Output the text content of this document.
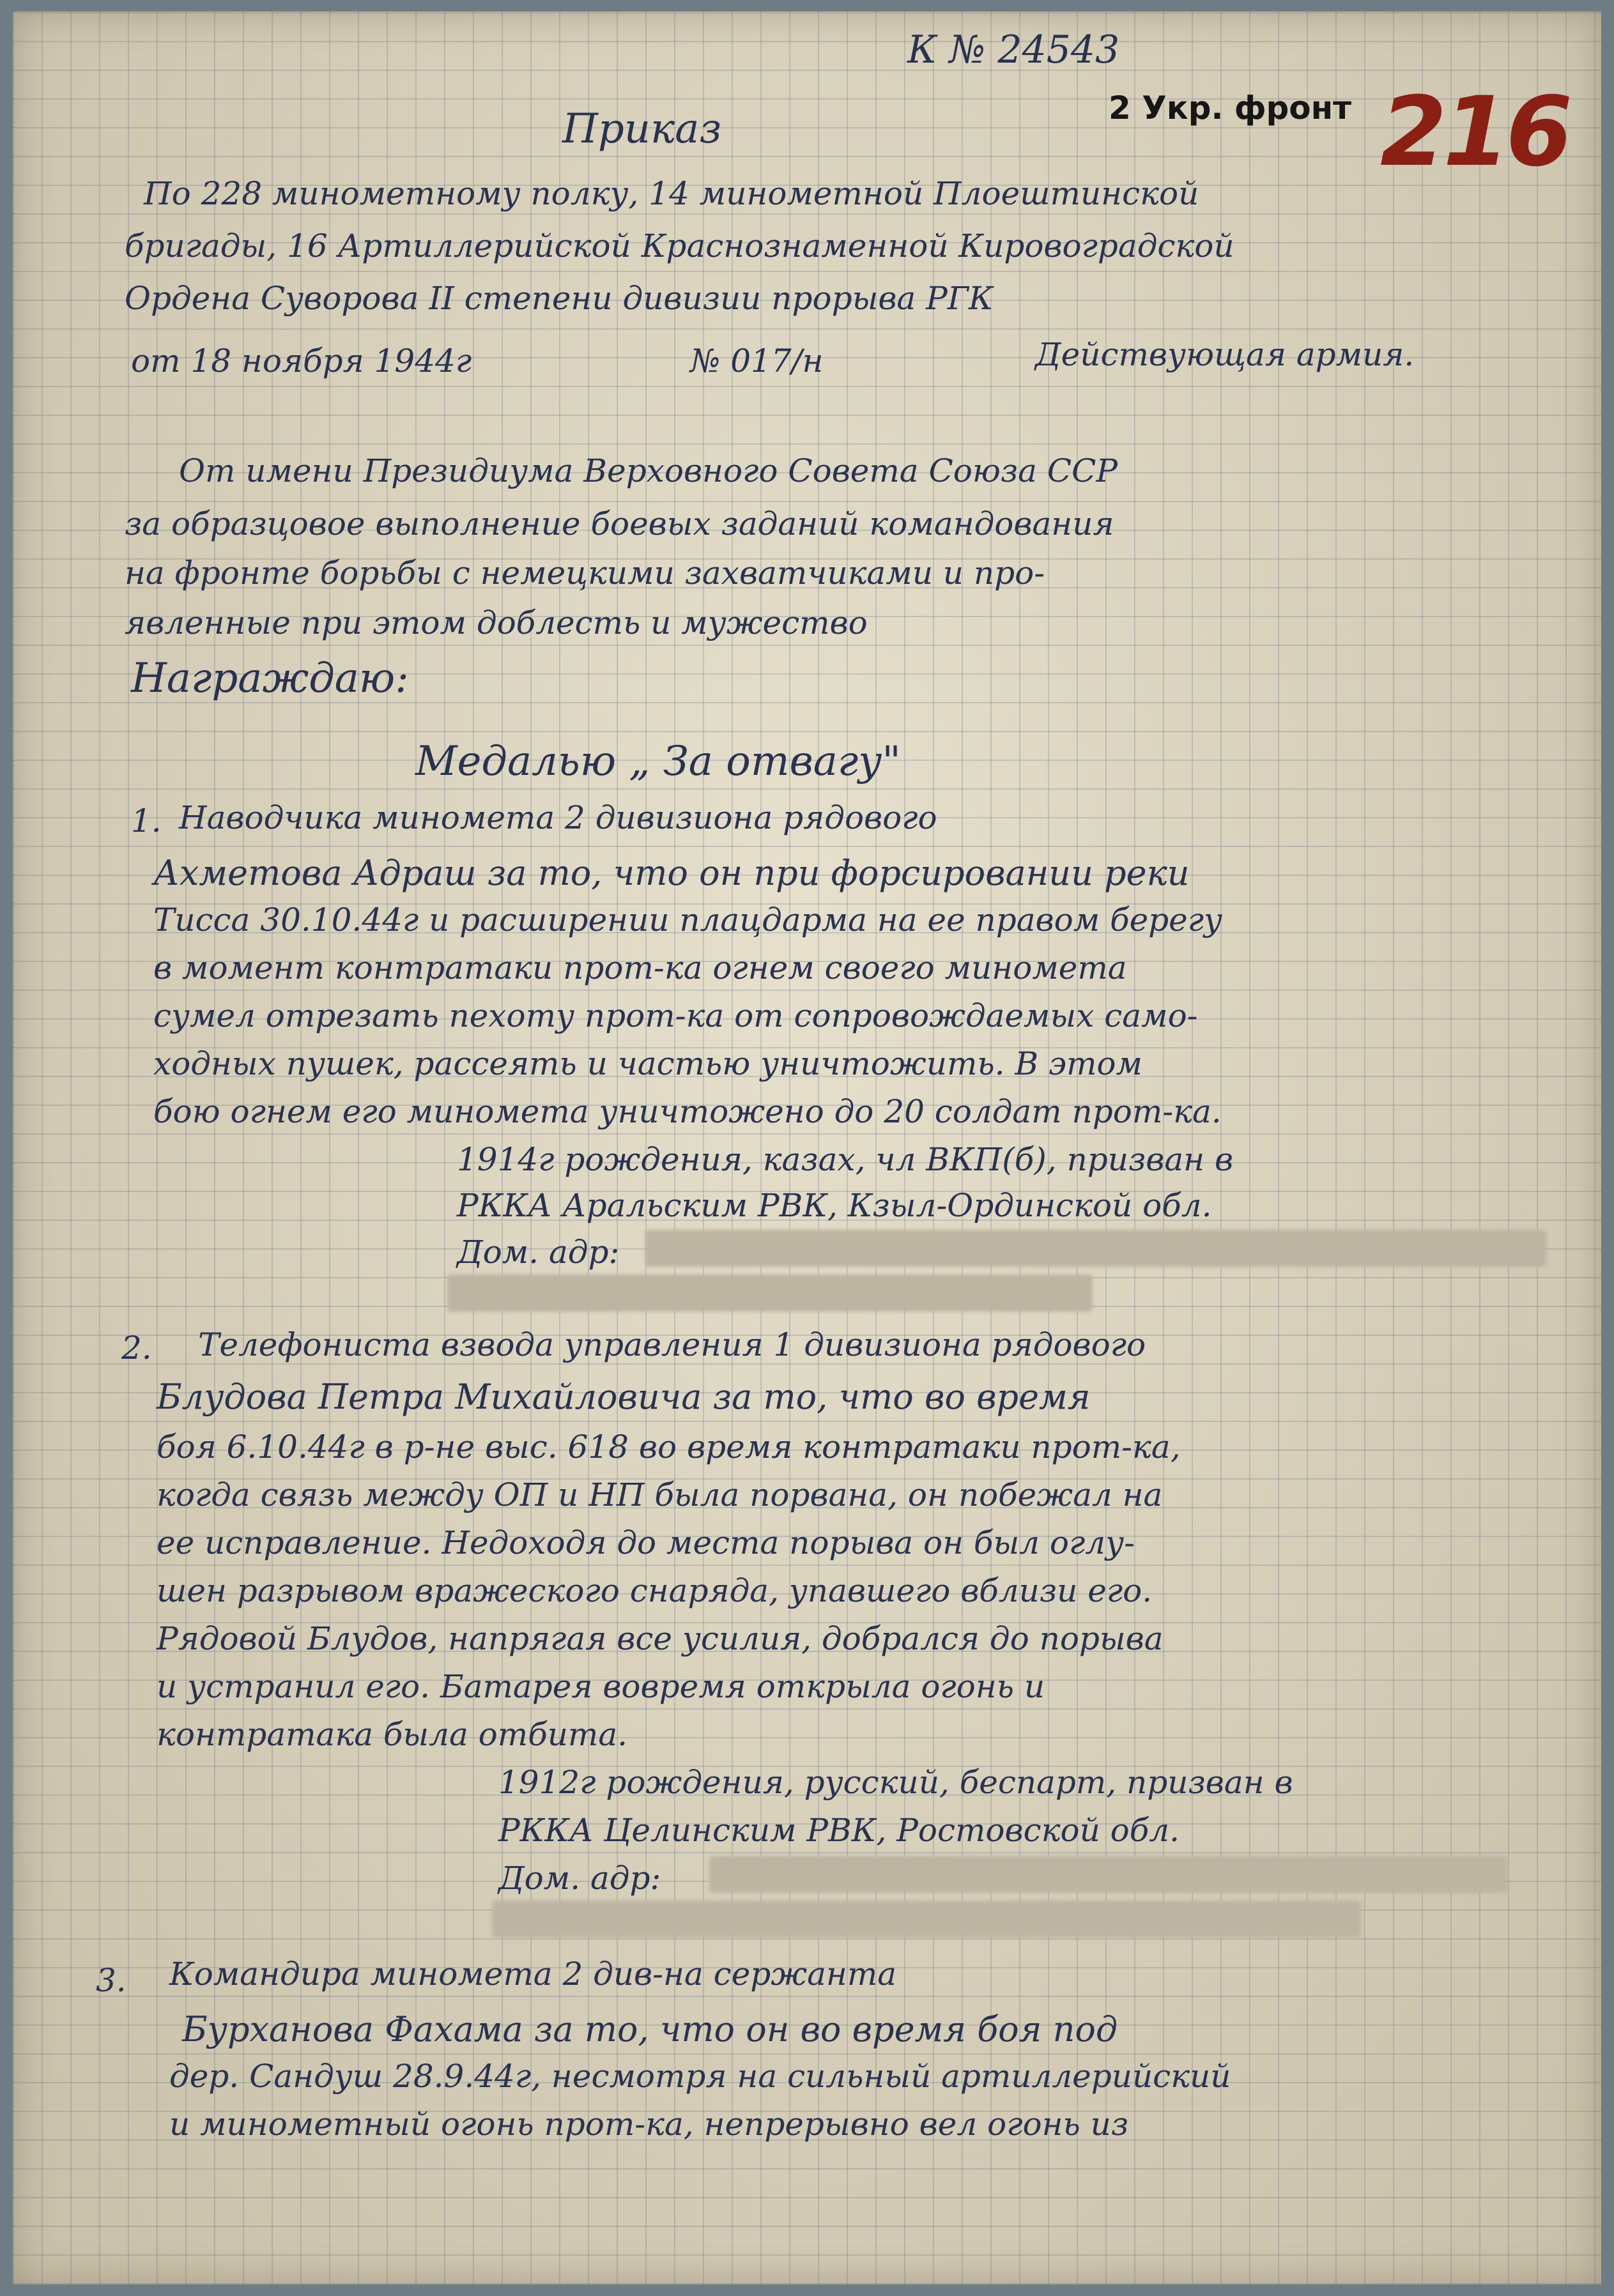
К № 24543
2 Укр. фронт 216
Приказ
По 228 минометному полку, 14 минометной Плоештинской
бригады, 16 Артиллерийской Краснознаменной Кировоградской
Ордена Суворова II степени дивизии прорыва РГК
от 18 ноября 1944г	№ 017/н	Действующая армия.
От имени Президиума Верховного Совета Союза ССР
за образцовое выполнение боевых заданий командования
на фронте борьбы с немецкими захватчиками и про-
явленные при этом доблесть и мужество
Награждаю:
Медалью „ За отвагу"
1. Наводчика миномета 2 дивизиона рядового
Ахметова Адраш за то, что он при форсировании реки
Тисса 30.10.44г и расширении плацдарма на ее правом берегу
в момент контратаки прот-ка огнем своего миномета
сумел отрезать пехоту прот-ка от сопровождаемых само-
ходных пушек, рассеять и частью уничтожить. В этом
бою огнем его миномета уничтожено до 20 солдат прот-ка.
1914г рождения, казах, чл ВКП(б), призван в
РККА Аральским РВК, Кзыл-Ординской обл.
Дом. адр:
2. Телефониста взвода управления 1 дивизиона рядового
Блудова Петра Михайловича за то, что во время
боя 6.10.44г в р-не выс. 618 во время контратаки прот-ка,
когда связь между ОП и НП была порвана, он побежал на
ее исправление. Недоходя до места порыва он был оглу-
шен разрывом вражеского снаряда, упавшего вблизи его.
Рядовой Блудов, напрягая все усилия, добрался до порыва
и устранил его. Батарея вовремя открыла огонь и
контратака была отбита.
1912г рождения, русский, беспарт, призван в
РККА Целинским РВК, Ростовской обл.
Дом. адр:
3. Командира миномета 2 див-на сержанта
Бурханова Фахама за то, что он во время боя под
дер. Сандуш 28.9.44г, несмотря на сильный артиллерийский
и минометный огонь прот-ка, непрерывно вел огонь из
